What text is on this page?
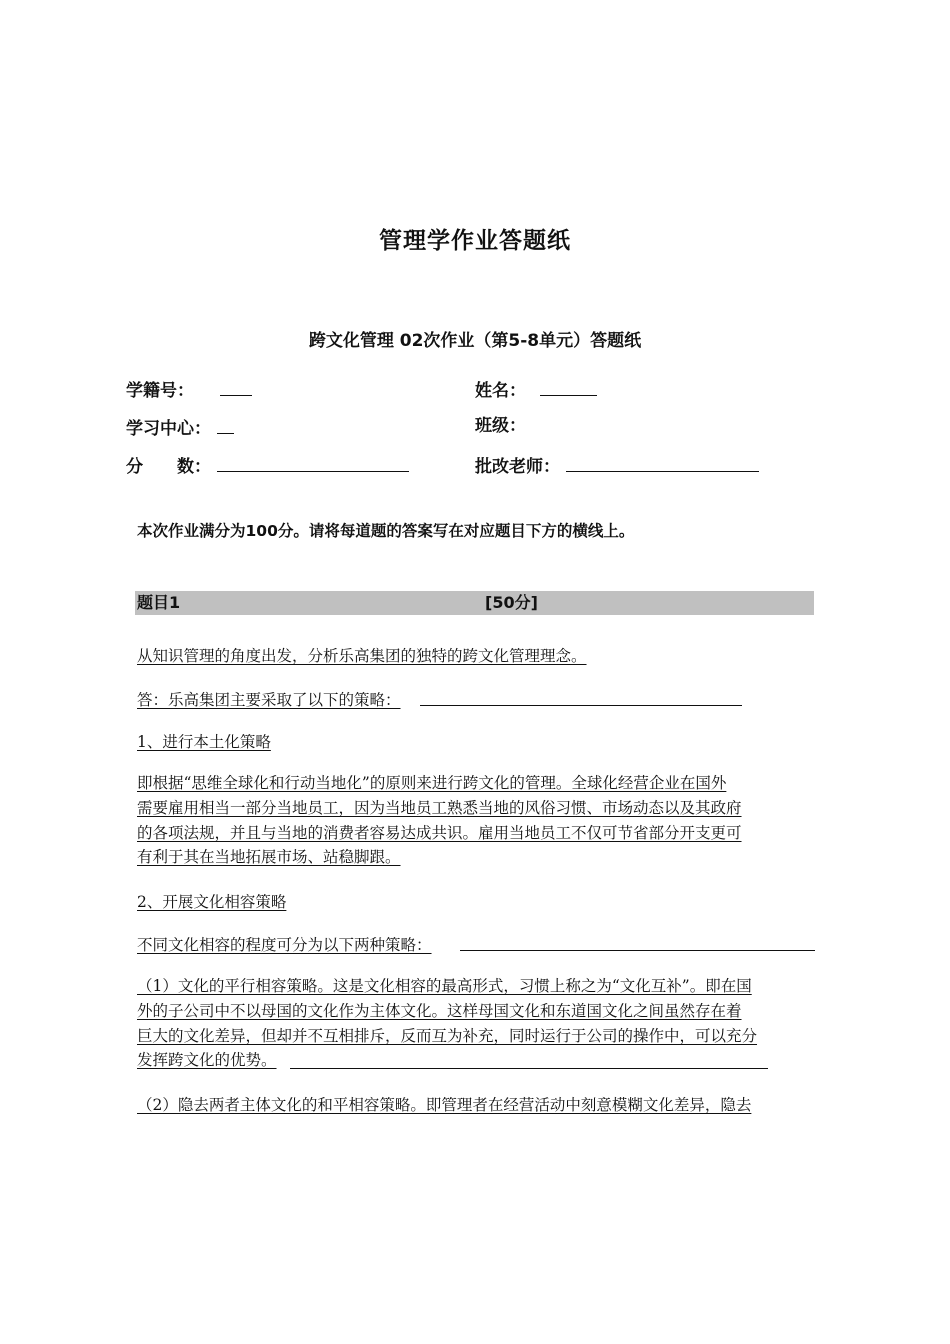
管理学作业答题纸
跨文化管理 02次作业（第5-8单元）答题纸
学籍号：	姓名：
学习中心：	班级：
分　　数：	批改老师：
本次作业满分为100分。请将每道题的答案写在对应题目下方的横线上。
题目1	[50分]
从知识管理的角度出发，分析乐高集团的独特的跨文化管理理念。
答：乐高集团主要采取了以下的策略：
1、进行本土化策略
即根据“思维全球化和行动当地化”的原则来进行跨文化的管理。全球化经营企业在国外
需要雇用相当一部分当地员工，因为当地员工熟悉当地的风俗习惯、市场动态以及其政府
的各项法规，并且与当地的消费者容易达成共识。雇用当地员工不仅可节省部分开支更可
有利于其在当地拓展市场、站稳脚跟。
2、开展文化相容策略
不同文化相容的程度可分为以下两种策略：
（1）文化的平行相容策略。这是文化相容的最高形式，习惯上称之为“文化互补”。即在国
外的子公司中不以母国的文化作为主体文化。这样母国文化和东道国文化之间虽然存在着
巨大的文化差异，但却并不互相排斥，反而互为补充，同时运行于公司的操作中，可以充分
发挥跨文化的优势。
（2）隐去两者主体文化的和平相容策略。即管理者在经营活动中刻意模糊文化差异，隐去
